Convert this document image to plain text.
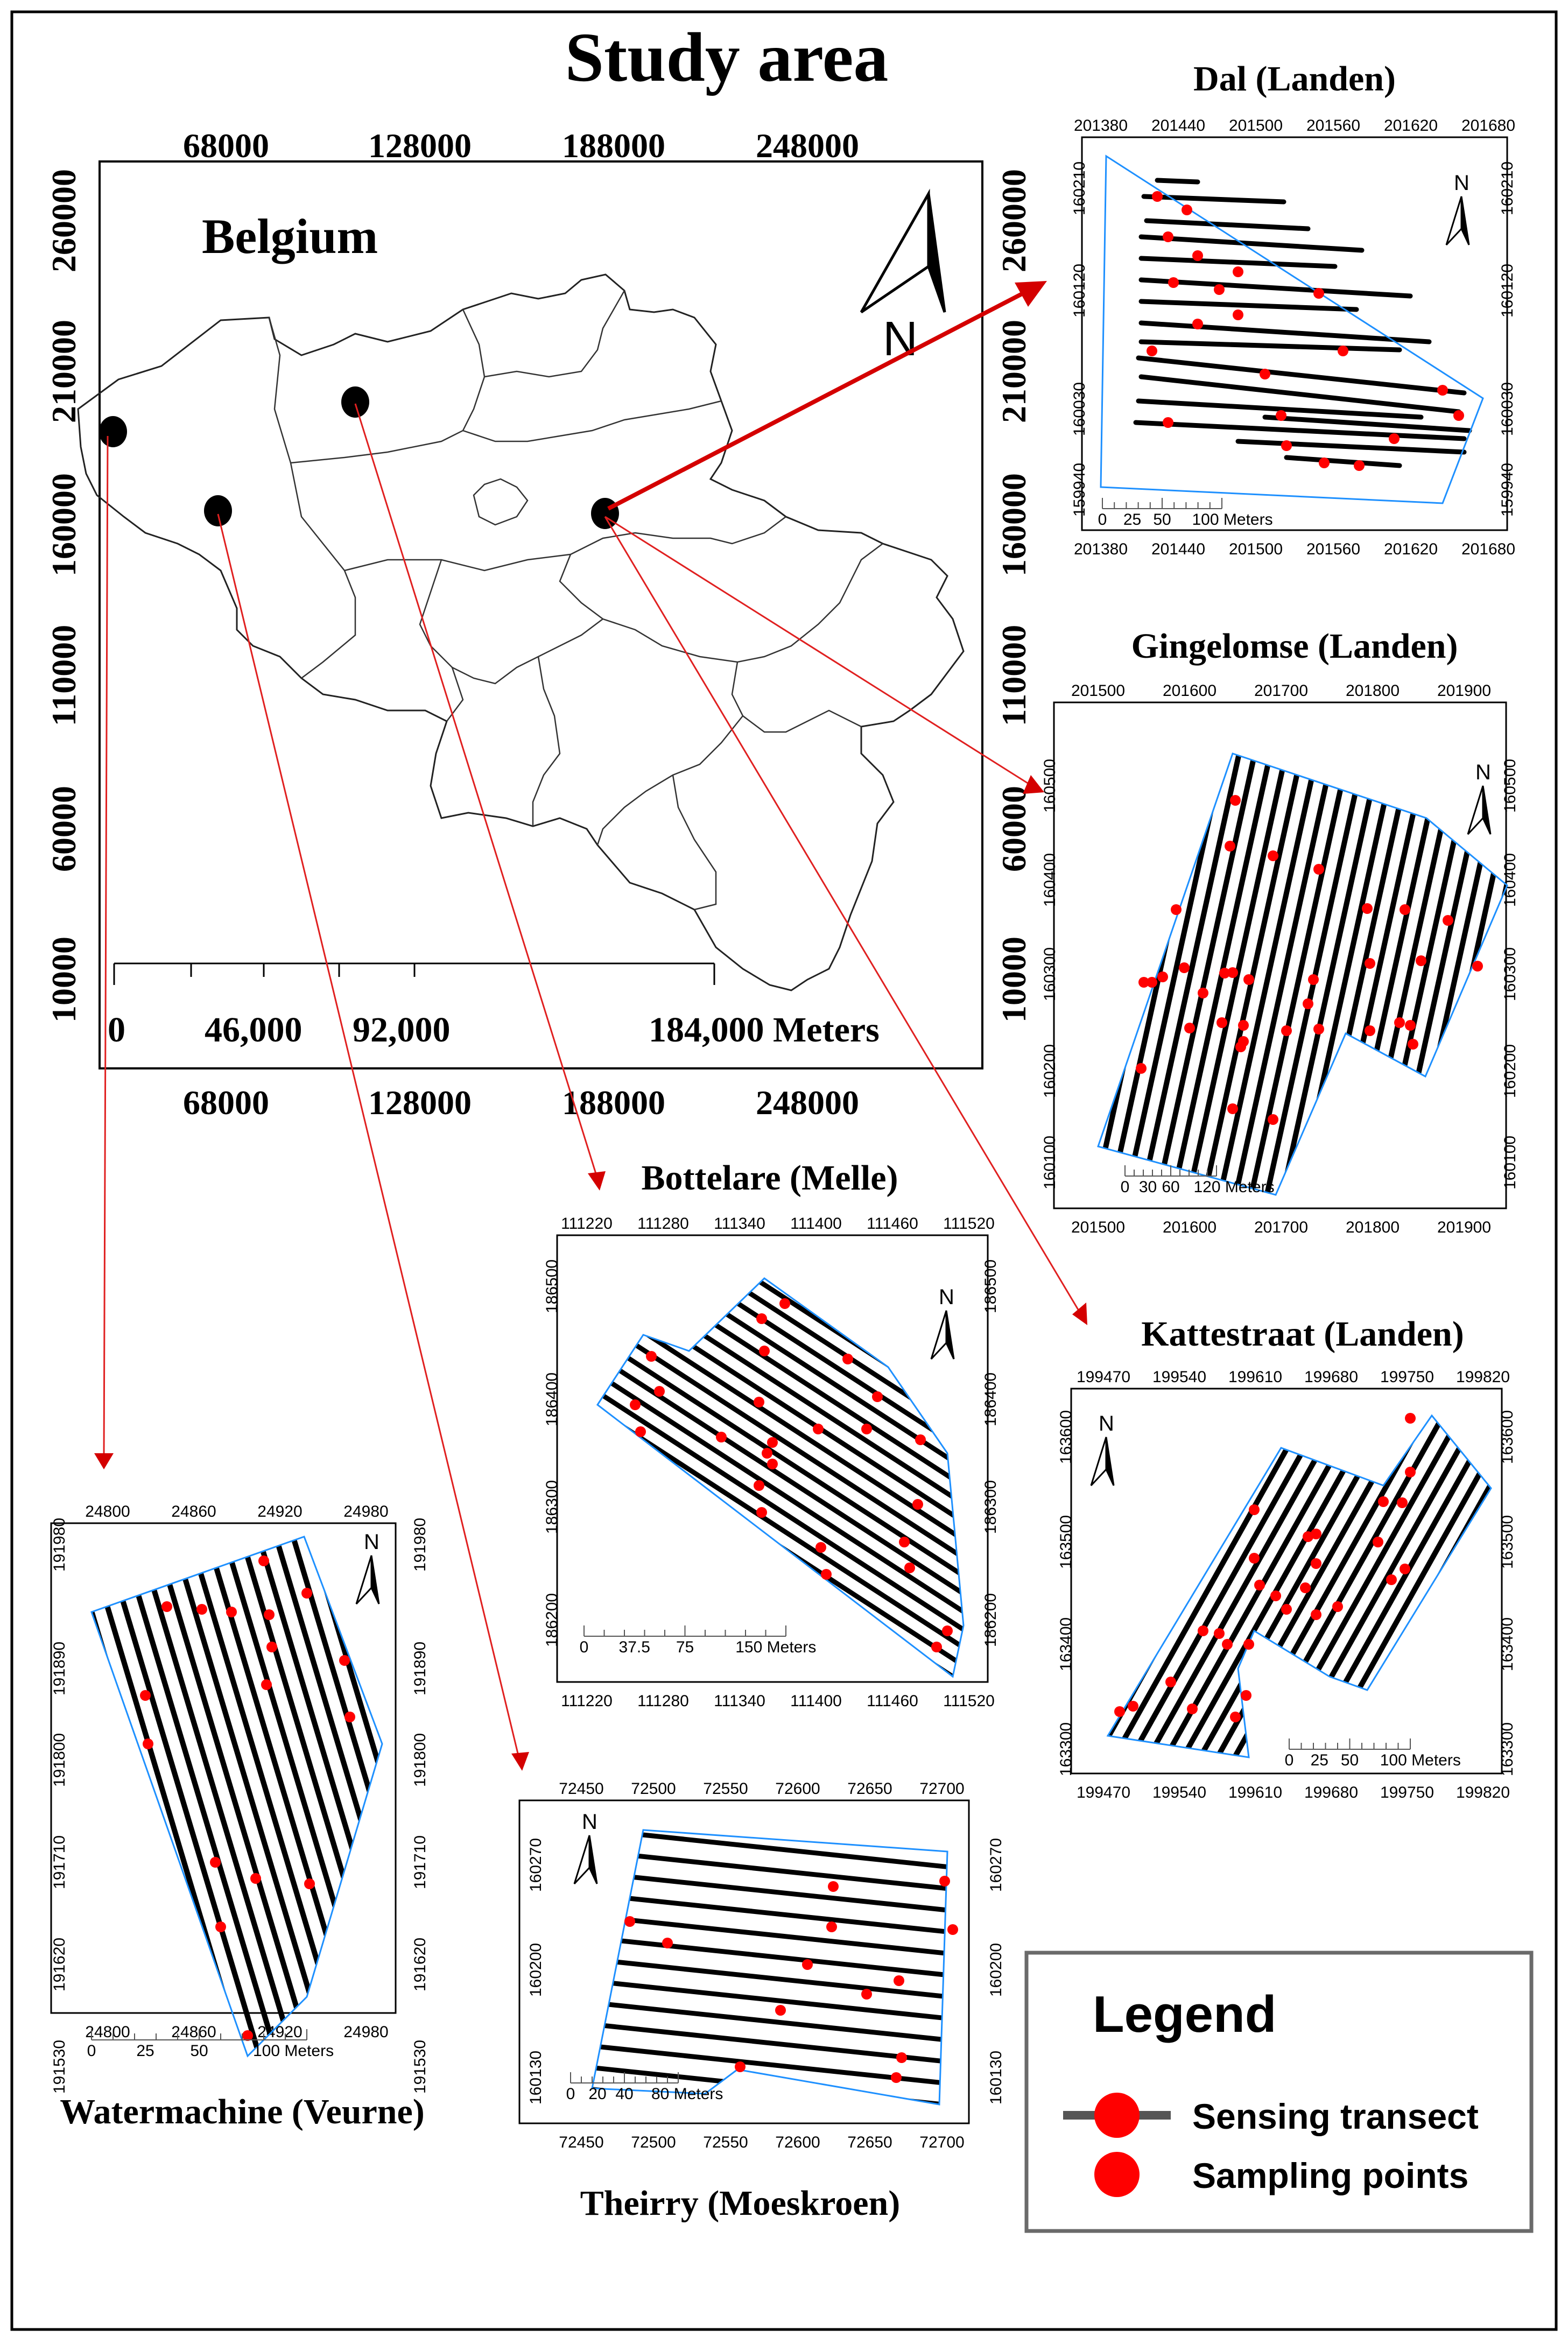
Study area
68000	128000	188000	248000
68000	128000	188000	248000
260000
210000
160000
110000
60000
10000
260000
210000
160000
110000
60000
10000
Belgium
N
0 46,000 92,000	184,000 Meters
Dal (Landen)
201380
201380
201440
201440
201500
201500
201560
201560
201620
201620
201680
201680
160210	160210
160120	160120
160030	160030
159940	159940
N
0 25 50 100 Meters
Gingelomse (Landen)
201500
201500
201600
201600
201700
201700
201800
201800
201900
201900
160500	160500
160400	160400
160300	160300
160200	160200
160100	160100
N
0 30 60 120 Meters
Bottelare (Melle)
111220
111220
111280
111280
111340
111340
111400
111400
111460
111460
111520
111520
186500	186500
186400	186400
186300	186300
186200	186200
N
0 37.5 75	150 Meters
Kattestraat (Landen)
199470
199470
199540
199540
199610
199610
199680
199680
199750
199750
199820
199820
163600	163600
163500	163500
163400	163400
163300	163300
N
0 25 50 100 Meters
Watermachine (Veurne)
24800
24800
24860
24860
24920
24920
24980
24980
191980	191980
191890	191890
191800	191800
191710	191710
191620	191620
191530	191530
N
0 25 50	100 Meters
Theirry (Moeskroen)
72450
72450
72500
72500
72550
72550
72600
72600
72650
72650
72700
72700
160270	160270
160200	160200
160130	160130
N
0 20 40 80 Meters
Legend
Sensing transect
Sampling points
